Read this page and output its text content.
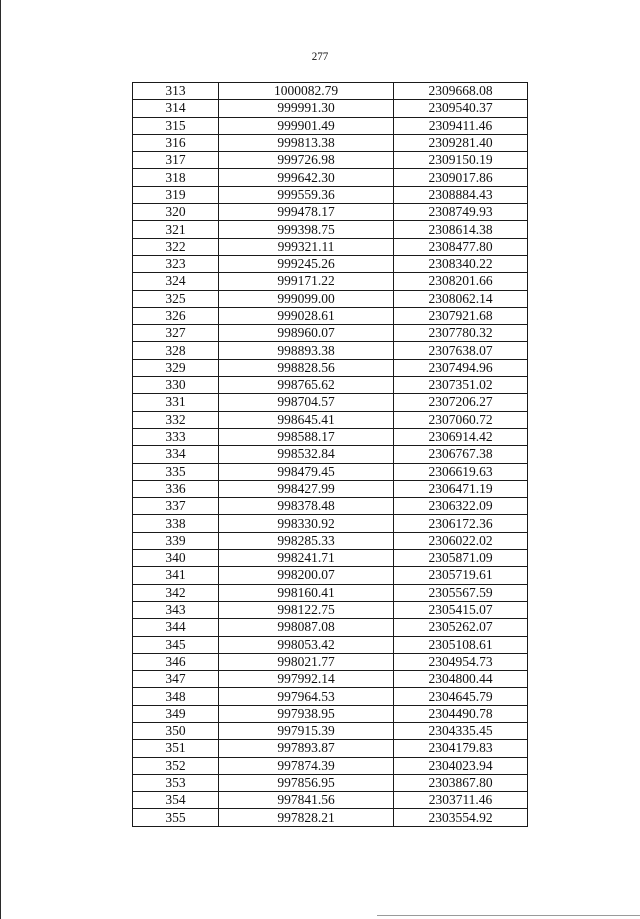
277
313	1000082.79	2309668.08
314	999991.30	2309540.37
315	999901.49	2309411.46
316	999813.38	2309281.40
317	999726.98	2309150.19
318	999642.30	2309017.86
319	999559.36	2308884.43
320	999478.17	2308749.93
321	999398.75	2308614.38
322	999321.11	2308477.80
323	999245.26	2308340.22
324	999171.22	2308201.66
325	999099.00	2308062.14
326	999028.61	2307921.68
327	998960.07	2307780.32
328	998893.38	2307638.07
329	998828.56	2307494.96
330	998765.62	2307351.02
331	998704.57	2307206.27
332	998645.41	2307060.72
333	998588.17	2306914.42
334	998532.84	2306767.38
335	998479.45	2306619.63
336	998427.99	2306471.19
337	998378.48	2306322.09
338	998330.92	2306172.36
339	998285.33	2306022.02
340	998241.71	2305871.09
341	998200.07	2305719.61
342	998160.41	2305567.59
343	998122.75	2305415.07
344	998087.08	2305262.07
345	998053.42	2305108.61
346	998021.77	2304954.73
347	997992.14	2304800.44
348	997964.53	2304645.79
349	997938.95	2304490.78
350	997915.39	2304335.45
351	997893.87	2304179.83
352	997874.39	2304023.94
353	997856.95	2303867.80
354	997841.56	2303711.46
355	997828.21	2303554.92
